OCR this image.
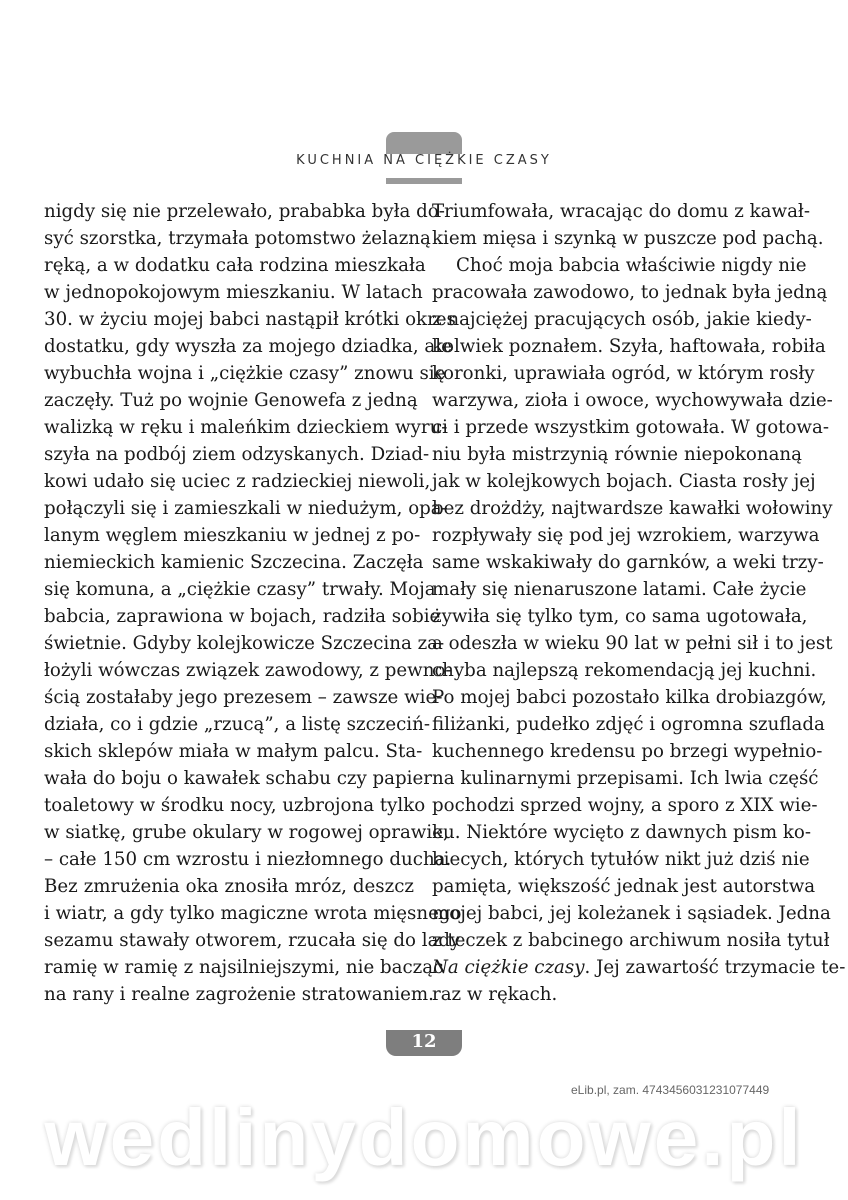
KUCHNIA NA CIĘŻKIE CZASY
nigdy się nie przelewało, prababka była do-
syć szorstka, trzymała potomstwo żelazną
ręką, a w dodatku cała rodzina mieszkała
w jednopokojowym mieszkaniu. W latach
30. w życiu mojej babci nastąpił krótki okres
dostatku, gdy wyszła za mojego dziadka, ale
wybuchła wojna i „ciężkie czasy” znowu się
zaczęły. Tuż po wojnie Genowefa z jedną
walizką w ręku i maleńkim dzieckiem wyru-
szyła na podbój ziem odzyskanych. Dziad-
kowi udało się uciec z radzieckiej niewoli,
połączyli się i zamieszkali w niedużym, opa-
lanym węglem mieszkaniu w jednej z po-
niemieckich kamienic Szczecina. Zaczęła
się komuna, a „ciężkie czasy” trwały. Moja
babcia, zaprawiona w bojach, radziła sobie
świetnie. Gdyby kolejkowicze Szczecina za-
łożyli wówczas związek zawodowy, z pewno-
ścią zostałaby jego prezesem – zawsze wie-
działa, co i gdzie „rzucą”, a listę szczeciń-
skich sklepów miała w małym palcu. Sta-
wała do boju o kawałek schabu czy papier
toaletowy w środku nocy, uzbrojona tylko
w siatkę, grube okulary w rogowej oprawie,
– całe 150 cm wzrostu i niezłomnego ducha.
Bez zmrużenia oka znosiła mróz, deszcz
i wiatr, a gdy tylko magiczne wrota mięsnego
sezamu stawały otworem, rzucała się do lady
ramię w ramię z najsilniejszymi, nie bacząc
na rany i realne zagrożenie stratowaniem.
Triumfowała, wracając do domu z kawał-
kiem mięsa i szynką w puszcze pod pachą.
Choć moja babcia właściwie nigdy nie
pracowała zawodowo, to jednak była jedną
z najciężej pracujących osób, jakie kiedy-
kolwiek poznałem. Szyła, haftowała, robiła
koronki, uprawiała ogród, w którym rosły
warzywa, zioła i owoce, wychowywała dzie-
ci i przede wszystkim gotowała. W gotowa-
niu była mistrzynią równie niepokonaną
jak w kolejkowych bojach. Ciasta rosły jej
bez drożdży, najtwardsze kawałki wołowiny
rozpływały się pod jej wzrokiem, warzywa
same wskakiwały do garnków, a weki trzy-
mały się nienaruszone latami. Całe życie
żywiła się tylko tym, co sama ugotowała,
a odeszła w wieku 90 lat w pełni sił i to jest
chyba najlepszą rekomendacją jej kuchni.
Po mojej babci pozostało kilka drobiazgów,
filiżanki, pudełko zdjęć i ogromna szuflada
kuchennego kredensu po brzegi wypełnio-
na kulinarnymi przepisami. Ich lwia część
pochodzi sprzed wojny, a sporo z XIX wie-
ku. Niektóre wycięto z dawnych pism ko-
biecych, których tytułów nikt już dziś nie
pamięta, większość jednak jest autorstwa
mojej babci, jej koleżanek i sąsiadek. Jedna
z teczek z babcinego archiwum nosiła tytuł
Na ciężkie czasy. Jej zawartość trzymacie te-
raz w rękach.
12
eLib.pl, zam. 4743456031231077449
wedlinydomowe.pl
